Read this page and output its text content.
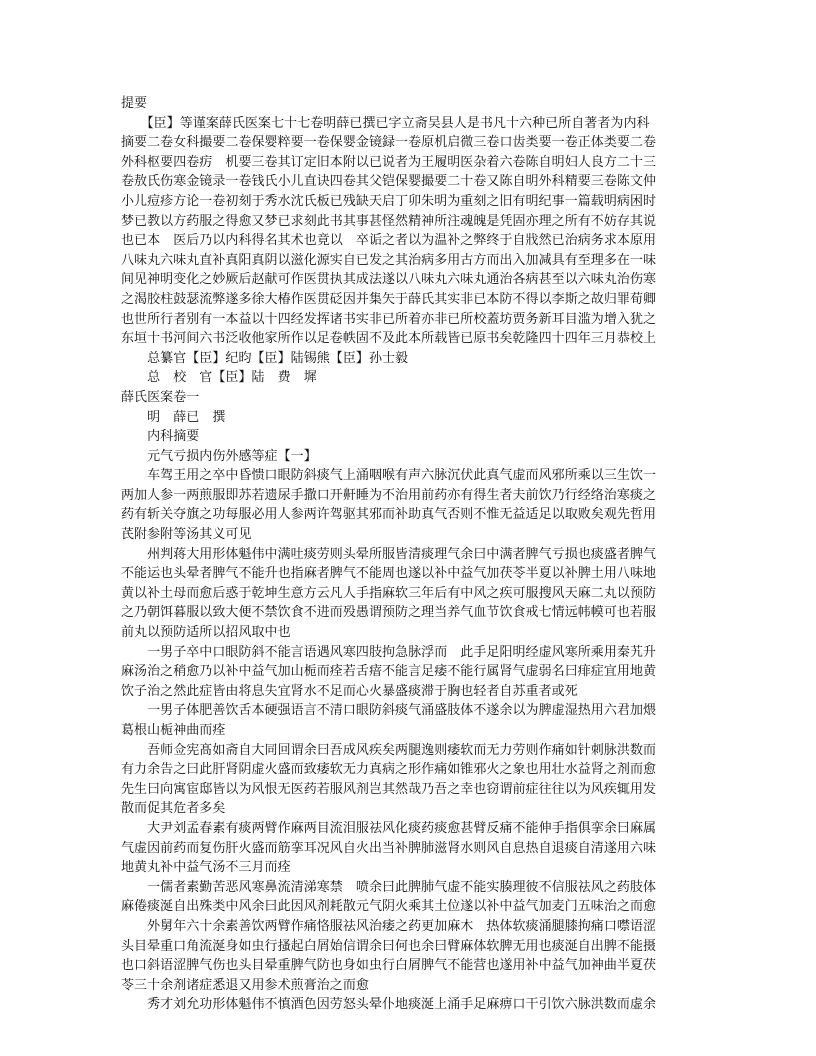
提要
　　【臣】等谨案薛氏医案七十七卷明薛已撰已字立斋吴县人是书凡十六种已所自著者为内科
摘要二卷女科撮要二卷保婴粹要一卷保婴金镜録一卷原机启微三卷口齿类要一卷正体类要二卷
外科枢要四卷疠　机要三卷其订定旧本附以已说者为王履明医杂着六卷陈自明妇人良方二十三
卷敖氏伤寒金镜录一卷钱氏小儿直诀四卷其父铠保婴撮要二十卷又陈自明外科精要三卷陈文仲
小儿痘疹方论一卷初刻于秀水沈氏板已残缺天启丁卯朱明为重刻之旧有明纪事一篇载明病困时
梦已教以方药服之得愈又梦已求刻此书其事甚怪然精神所注魂魄是凭固亦理之所有不妨存其说
也已本　医后乃以内科得名其术也竟以　卒诟之者以为温补之弊终于自戕然已治病务求本原用
八味丸六味丸直补真阳真阴以滋化源实自已发之其治病多用古方而出入加减具有至理多在一味
间见神明变化之妙厥后赵献可作医贯执其成法遂以八味丸六味丸通治各病甚至以六味丸治伤寒
之渴胶柱鼓瑟流弊遂多徐大椿作医贯砭因并集矢于薛氏其实非已本防不得以李斯之故归罪荀卿
也世所行者别有一本益以十四经发挥诸书实非已所着亦非已所校蓋坊贾务新耳目滥为增入犹之
东垣十书河间六书泛收他家所作以足卷帙固不及此本所载皆已原书矣乾隆四十四年三月恭校上
　　总纂官【臣】纪昀【臣】陆锡熊【臣】孙士毅
　　总　校　官【臣】陆　费　墀
薛氏医案卷一
　　明　薛已　撰
　　内科摘要
　　元气亏损内伤外感等症【一】
　　车驾王用之卒中昏愦口眼防斜痰气上涌咽喉有声六脉沉伏此真气虚而风邪所乘以三生饮一
两加人参一两煎服即苏若遗尿手撒口开鼾睡为不治用前药亦有得生者夫前饮乃行经络治寒痰之
药有斩关夺旗之功每服必用人参两许驾驱其邪而补助真气否则不惟无益适足以取败矣观先哲用
芪附参附等汤其义可见
　　州判蒋大用形体魁伟中满吐痰劳则头晕所服皆清痰理气余曰中满者脾气亏损也痰盛者脾气
不能运也头晕者脾气不能升也指麻者脾气不能周也遂以补中益气加茯苓半夏以补脾土用八味地
黄以补土母而愈后惑于乾坤生意方云凡人手指麻软三年后有中风之疾可服搜风天麻二丸以预防
之乃朝饵暮服以致大便不禁饮食不进而殁愚谓预防之理当养气血节饮食戒七情远帏幙可也若服
前丸以预防适所以招风取中也
　　一男子卒中口眼防斜不能言语遇风寒四肢拘急脉浮而　此手足阳明经虚风寒所乘用秦艽升
麻汤治之稍愈乃以补中益气加山栀而痊若舌瘖不能言足痿不能行属肾气虚弱名曰痱症宜用地黄
饮子治之然此症皆由将息失宜肾水不足而心火暴盛痰滞于胸也轻者自苏重者或死
　　一男子体肥善饮舌本硬强语言不清口眼防斜痰气涌盛肢体不遂余以为脾虚湿热用六君加煨
葛根山栀神曲而痊
　　吾师佥宪髙如斋自大同回谓余曰吾成风疾矣两腿逸则痿软而无力劳则作痛如针刺脉洪数而
有力余告之曰此肝肾阴虚火盛而致痿软无力真病之形作痛如锥邪火之象也用壮水益肾之剂而愈
先生曰向寓宦邸皆以为风恨无医药若服风剂岂其然哉乃吾之幸也窃谓前症往往以为风疾辄用发
散而促其危者多矣
　　大尹刘孟春素有痰两臂作麻两目流泪服祛风化痰药痰愈甚臂反痛不能伸手指俱挛余曰麻属
气虚因前药而复伤肝火盛而筋挛耳况风自火出当补脾肺滋肾水则风自息热自退痰自清遂用六味
地黄丸补中益气汤不三月而痊
　　一儒者素勤苦恶风寒鼻流清涕寒禁　喷余曰此脾肺气虚不能实腠理彼不信服祛风之药肢体
麻倦痰涎自出殊类中风余曰此因风剂耗散元气阴火乘其土位遂以补中益气加麦门五味治之而愈
　　外舅年六十余素善饮两臂作痛恪服祛风治痿之药更加麻木　热体软痰涌腿膝拘痛口噤语涩
头目晕重口角流涎身如虫行搔起白屑始信谓余曰何也余曰臂麻体软脾无用也痰涎自出脾不能摄
也口斜语涩脾气伤也头目晕重脾气防也身如虫行白屑脾气不能营也遂用补中益气加神曲半夏茯
苓三十余剂诸症悉退又用参术煎膏治之而愈
　　秀才刘允功形体魁伟不慎酒色因劳怒头晕仆地痰涎上涌手足麻痹口干引饮六脉洪数而虚余
